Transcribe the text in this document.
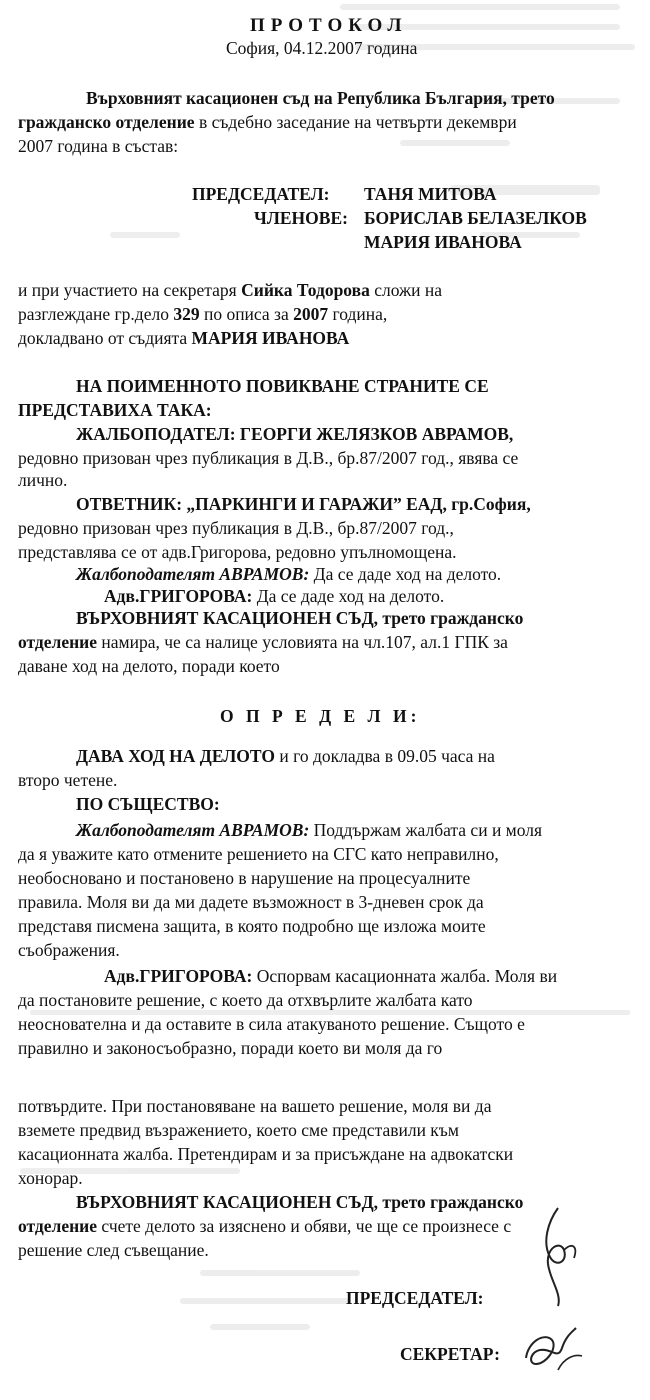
ПРОТОКОЛ
София, 04.12.2007 година
Върховният касационен съд на Република България, трето
гражданско отделение в съдебно заседание на четвърти декември
2007 година в състав:
ПРЕДСЕДАТЕЛ: ТАНЯ МИТОВА
ЧЛЕНОВЕ: БОРИСЛАВ БЕЛАЗЕЛКОВ
МАРИЯ ИВАНОВА
и при участието на секретаря Сийка Тодорова сложи на
разглеждане гр.дело 329 по описа за 2007 година,
докладвано от съдията МАРИЯ ИВАНОВА
НА ПОИМЕННОТО ПОВИКВАНЕ СТРАНИТЕ СЕ
ПРЕДСТАВИХА ТАКА:
ЖАЛБОПОДАТЕЛ: ГЕОРГИ ЖЕЛЯЗКОВ АВРАМОВ,
редовно призован чрез публикация в Д.В., бр.87/2007 год., явява се
лично.
ОТВЕТНИК: „ПАРКИНГИ И ГАРАЖИ” ЕАД, гр.София,
редовно призован чрез публикация в Д.В., бр.87/2007 год.,
представлява се от адв.Григорова, редовно упълномощена.
Жалбоподателят АВРАМОВ: Да се даде ход на делото.
Адв.ГРИГОРОВА: Да се даде ход на делото.
ВЪРХОВНИЯТ КАСАЦИОНЕН СЪД, трето гражданско
отделение намира, че са налице условията на чл.107, ал.1 ГПК за
даване ход на делото, поради което
О П Р Е Д Е Л И:
ДАВА ХОД НА ДЕЛОТО и го докладва в 09.05 часа на
второ четене.
ПО СЪЩЕСТВО:
Жалбоподателят АВРАМОВ: Поддържам жалбата си и моля
да я уважите като отмените решението на СГС като неправилно,
необосновано и постановено в нарушение на процесуалните
правила. Моля ви да ми дадете възможност в 3-дневен срок да
представя писмена защита, в която подробно ще изложа моите
съображения.
Адв.ГРИГОРОВА: Оспорвам касационната жалба. Моля ви
да постановите решение, с което да отхвърлите жалбата като
неоснователна и да оставите в сила атакуваното решение. Същото е
правилно и законосъобразно, поради което ви моля да го
потвърдите. При постановяване на вашето решение, моля ви да
вземете предвид възражението, което сме представили към
касационната жалба. Претендирам и за присъждане на адвокатски
хонорар.
ВЪРХОВНИЯТ КАСАЦИОНЕН СЪД, трето гражданско
отделение счете делото за изяснено и обяви, че ще се произнесе с
решение след съвещание.
ПРЕДСЕДАТЕЛ:
СЕКРЕТАР:
